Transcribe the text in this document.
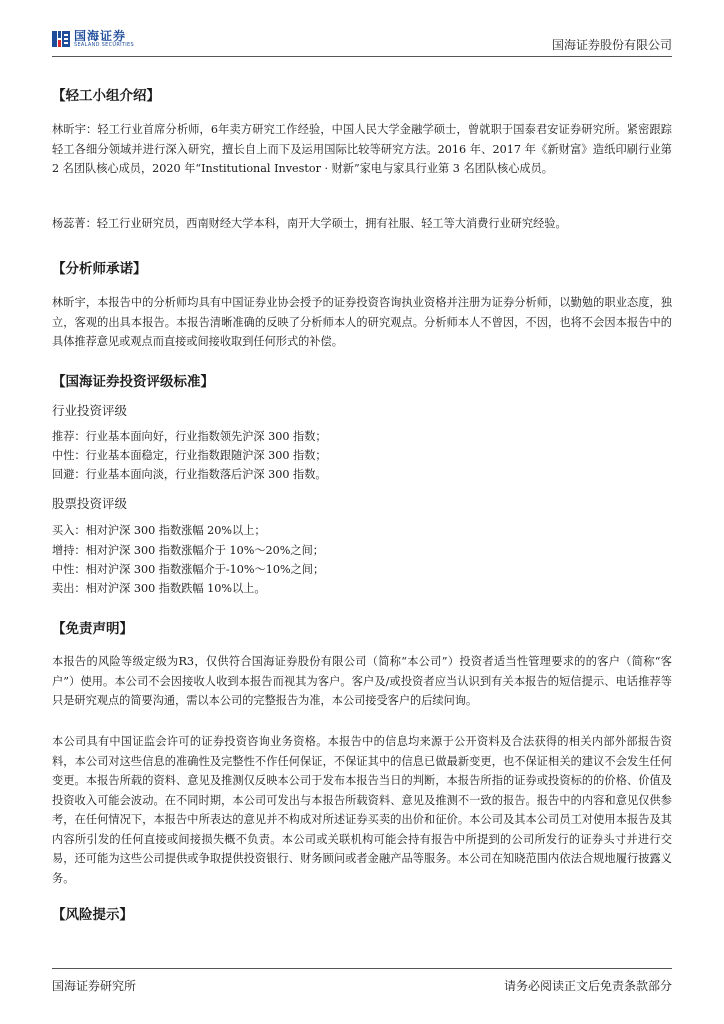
国海证券
SEALAND SECURITIES	国海证券股份有限公司
【轻工小组介绍】
林昕宇：轻工行业首席分析师，6年卖方研究工作经验，中国人民大学金融学硕士，曾就职于国泰君安证券研究所。紧密跟踪轻工各细分领域并进行深入研究，擅长自上而下及运用国际比较等研究方法。2016 年、2017 年《新财富》造纸印刷行业第 2 名团队核心成员，2020 年“Institutional Investor · 财新”家电与家具行业第 3 名团队核心成员。
杨蕊菁：轻工行业研究员，西南财经大学本科，南开大学硕士，拥有社服、轻工等大消费行业研究经验。
【分析师承诺】
林昕宇，本报告中的分析师均具有中国证券业协会授予的证券投资咨询执业资格并注册为证券分析师，以勤勉的职业态度，独立，客观的出具本报告。本报告清晰准确的反映了分析师本人的研究观点。分析师本人不曾因，不因，也将不会因本报告中的具体推荐意见或观点而直接或间接收取到任何形式的补偿。
【国海证券投资评级标准】
行业投资评级
推荐：行业基本面向好，行业指数领先沪深 300 指数；
中性：行业基本面稳定，行业指数跟随沪深 300 指数；
回避：行业基本面向淡，行业指数落后沪深 300 指数。
股票投资评级
买入：相对沪深 300 指数涨幅 20%以上；
增持：相对沪深 300 指数涨幅介于 10%～20%之间；
中性：相对沪深 300 指数涨幅介于-10%～10%之间；
卖出：相对沪深 300 指数跌幅 10%以上。
【免责声明】
本报告的风险等级定级为R3，仅供符合国海证券股份有限公司（简称“本公司”）投资者适当性管理要求的的客户（简称“客户”）使用。本公司不会因接收人收到本报告而视其为客户。客户及/或投资者应当认识到有关本报告的短信提示、电话推荐等只是研究观点的简要沟通，需以本公司的完整报告为准，本公司接受客户的后续问询。
本公司具有中国证监会许可的证券投资咨询业务资格。本报告中的信息均来源于公开资料及合法获得的相关内部外部报告资料，本公司对这些信息的准确性及完整性不作任何保证，不保证其中的信息已做最新变更，也不保证相关的建议不会发生任何变更。本报告所载的资料、意见及推测仅反映本公司于发布本报告当日的判断，本报告所指的证券或投资标的的价格、价值及投资收入可能会波动。在不同时期，本公司可发出与本报告所载资料、意见及推测不一致的报告。报告中的内容和意见仅供参考，在任何情况下，本报告中所表达的意见并不构成对所述证券买卖的出价和征价。本公司及其本公司员工对使用本报告及其内容所引发的任何直接或间接损失概不负责。本公司或关联机构可能会持有报告中所提到的公司所发行的证券头寸并进行交易，还可能为这些公司提供或争取提供投资银行、财务顾问或者金融产品等服务。本公司在知晓范围内依法合规地履行披露义务。
【风险提示】
国海证券研究所	请务必阅读正文后免责条款部分
